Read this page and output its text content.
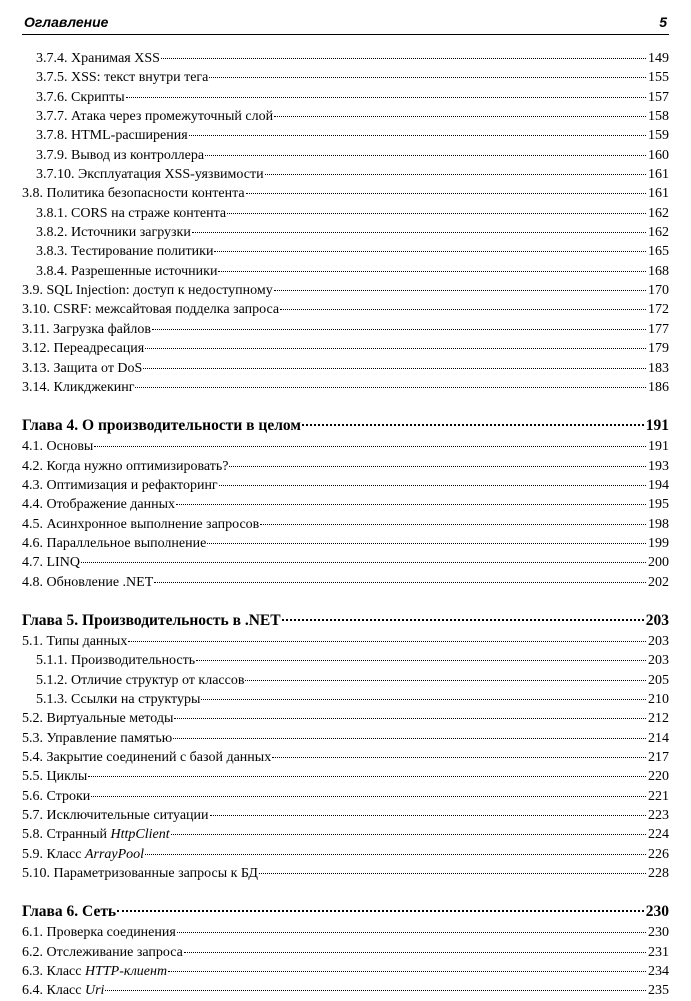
Оглавление	5
3.7.4. Хранимая XSS	149
3.7.5. XSS: текст внутри тега	155
3.7.6. Скрипты	157
3.7.7. Атака через промежуточный слой	158
3.7.8. HTML-расширения	159
3.7.9. Вывод из контроллера	160
3.7.10. Эксплуатация XSS-уязвимости	161
3.8. Политика безопасности контента	161
3.8.1. CORS на страже контента	162
3.8.2. Источники загрузки	162
3.8.3. Тестирование политики	165
3.8.4. Разрешенные источники	168
3.9. SQL Injection: доступ к недоступному	170
3.10. CSRF: межсайтовая подделка запроса	172
3.11. Загрузка файлов	177
3.12. Переадресация	179
3.13. Защита от DoS	183
3.14. Кликджекинг	186
Глава 4. О производительности в целом	191
4.1. Основы	191
4.2. Когда нужно оптимизировать?	193
4.3. Оптимизация и рефакторинг	194
4.4. Отображение данных	195
4.5. Асинхронное выполнение запросов	198
4.6. Параллельное выполнение	199
4.7. LINQ	200
4.8. Обновление .NET	202
Глава 5. Производительность в .NET	203
5.1. Типы данных	203
5.1.1. Производительность	203
5.1.2. Отличие структур от классов	205
5.1.3. Ссылки на структуры	210
5.2. Виртуальные методы	212
5.3. Управление памятью	214
5.4. Закрытие соединений с базой данных	217
5.5. Циклы	220
5.6. Строки	221
5.7. Исключительные ситуации	223
5.8. Странный HttpClient	224
5.9. Класс ArrayPool	226
5.10. Параметризованные запросы к БД	228
Глава 6. Сеть	230
6.1. Проверка соединения	230
6.2. Отслеживание запроса	231
6.3. Класс HTTP-клиент	234
6.4. Класс Uri	235
